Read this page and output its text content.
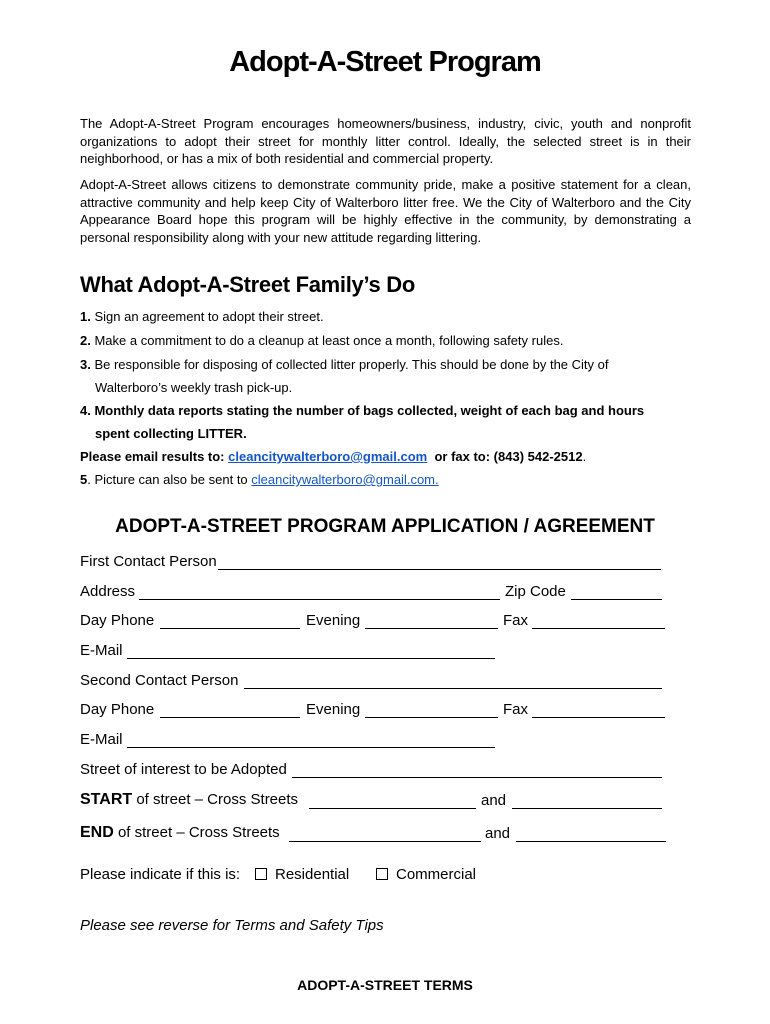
Adopt-A-Street Program

The Adopt-A-Street Program encourages homeowners/business, industry, civic, youth and nonprofit organizations to adopt their street for monthly litter control. Ideally, the selected street is in their neighborhood, or has a mix of both residential and commercial property.

Adopt-A-Street allows citizens to demonstrate community pride, make a positive statement for a clean, attractive community and help keep City of Walterboro litter free. We the City of Walterboro and the City Appearance Board hope this program will be highly effective in the community, by demonstrating a personal responsibility along with your new attitude regarding littering.

What Adopt-A-Street Family’s Do
1. Sign an agreement to adopt their street.
2. Make a commitment to do a cleanup at least once a month, following safety rules.
3. Be responsible for disposing of collected litter properly. This should be done by the City of
Walterboro’s weekly trash pick-up.
4. Monthly data reports stating the number of bags collected, weight of each bag and hours
spent collecting LITTER.
Please email results to: cleancitywalterboro@gmail.com or fax to: (843) 542-2512.
5. Picture can also be sent to cleancitywalterboro@gmail.com.
ADOPT-A-STREET PROGRAM APPLICATION / AGREEMENT
First Contact Person
Address	Zip Code
Day Phone	Evening	Fax
E-Mail
Second Contact Person
Day Phone	Evening	Fax
E-Mail
Street of interest to be Adopted
START of street – Cross Streets	and
END of street – Cross Streets	and
Please indicate if this is:	Residential	Commercial
Please see reverse for Terms and Safety Tips
ADOPT-A-STREET TERMS
